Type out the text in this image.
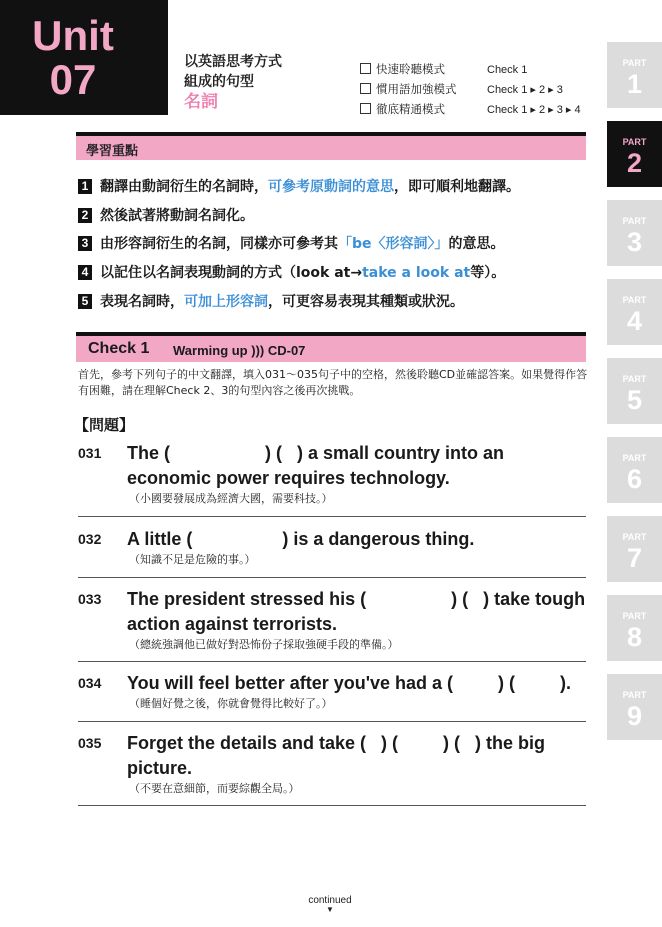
Unit
07	以英語思考方式
組成的句型
名詞
快速聆聽模式	Check 1
慣用語加強模式	Check 1 ▸ 2 ▸ 3
徹底精通模式	Check 1 ▸ 2 ▸ 3 ▸ 4
PART
1
PART
2
PART
3
PART
4
PART
5
PART
6
PART
7
PART
8
PART
9
學習重點
1 翻譯由動詞衍生的名詞時，可參考原動詞的意思，即可順利地翻譯。
2 然後試著將動詞名詞化。
3 由形容詞衍生的名詞，同樣亦可參考其「be〈形容詞〉」的意思。
4 以記住以名詞表現動詞的方式（look at→take a look at等）。
5 表現名詞時，可加上形容詞，可更容易表現其種類或狀況。
Check 1 Warming up ))) CD-07
首先，參考下列句子的中文翻譯，填入031～035句子中的空格，然後聆聽CD並確認答案。如果覺得作答有困難，請在理解Check 2、3的句型內容之後再次挑戰。
【問題】
031 The (                   ) (   ) a small country into an
economic power requires technology.
（小國要發展成為經濟大國，需要科技。）
032 A little (                  ) is a dangerous thing.
（知識不足是危險的事。）
033 The president stressed his (                 ) (   ) take tough
action against terrorists.
（總統強調他已做好對恐怖份子採取強硬手段的準備。）
034 You will feel better after you've had a (         ) (         ).
（睡個好覺之後，你就會覺得比較好了。）
035 Forget the details and take (   ) (         ) (   ) the big
picture.
（不要在意細節，而要綜觀全局。）
continued
▼
